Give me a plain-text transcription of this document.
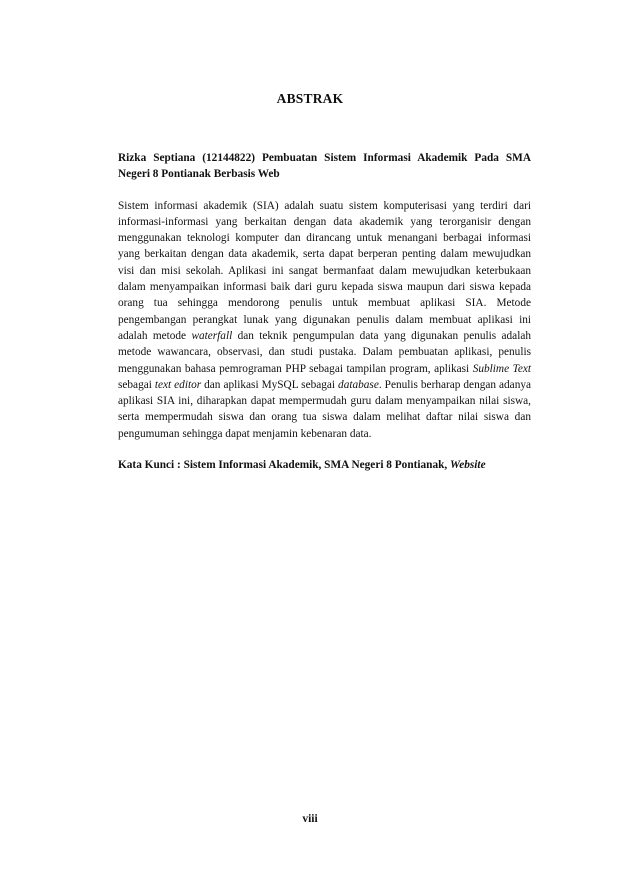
ABSTRAK

Rizka Septiana (12144822) Pembuatan Sistem Informasi Akademik Pada SMA Negeri 8 Pontianak Berbasis Web

Sistem informasi akademik (SIA) adalah suatu sistem komputerisasi yang terdiri dari informasi-informasi yang berkaitan dengan data akademik yang terorganisir dengan menggunakan teknologi komputer dan dirancang untuk menangani berbagai informasi yang berkaitan dengan data akademik, serta dapat berperan penting dalam mewujudkan visi dan misi sekolah. Aplikasi ini sangat bermanfaat dalam mewujudkan keterbukaan dalam menyampaikan informasi baik dari guru kepada siswa maupun dari siswa kepada orang tua sehingga mendorong penulis untuk membuat aplikasi SIA. Metode pengembangan perangkat lunak yang digunakan penulis dalam membuat aplikasi ini adalah metode waterfall dan teknik pengumpulan data yang digunakan penulis adalah metode wawancara, observasi, dan studi pustaka. Dalam pembuatan aplikasi, penulis menggunakan bahasa pemrograman PHP sebagai tampilan program, aplikasi Sublime Text sebagai text editor dan aplikasi MySQL sebagai database. Penulis berharap dengan adanya aplikasi SIA ini, diharapkan dapat mempermudah guru dalam menyampaikan nilai siswa, serta mempermudah siswa dan orang tua siswa dalam melihat daftar nilai siswa dan pengumuman sehingga dapat menjamin kebenaran data.

Kata Kunci : Sistem Informasi Akademik, SMA Negeri 8 Pontianak, Website

viii
